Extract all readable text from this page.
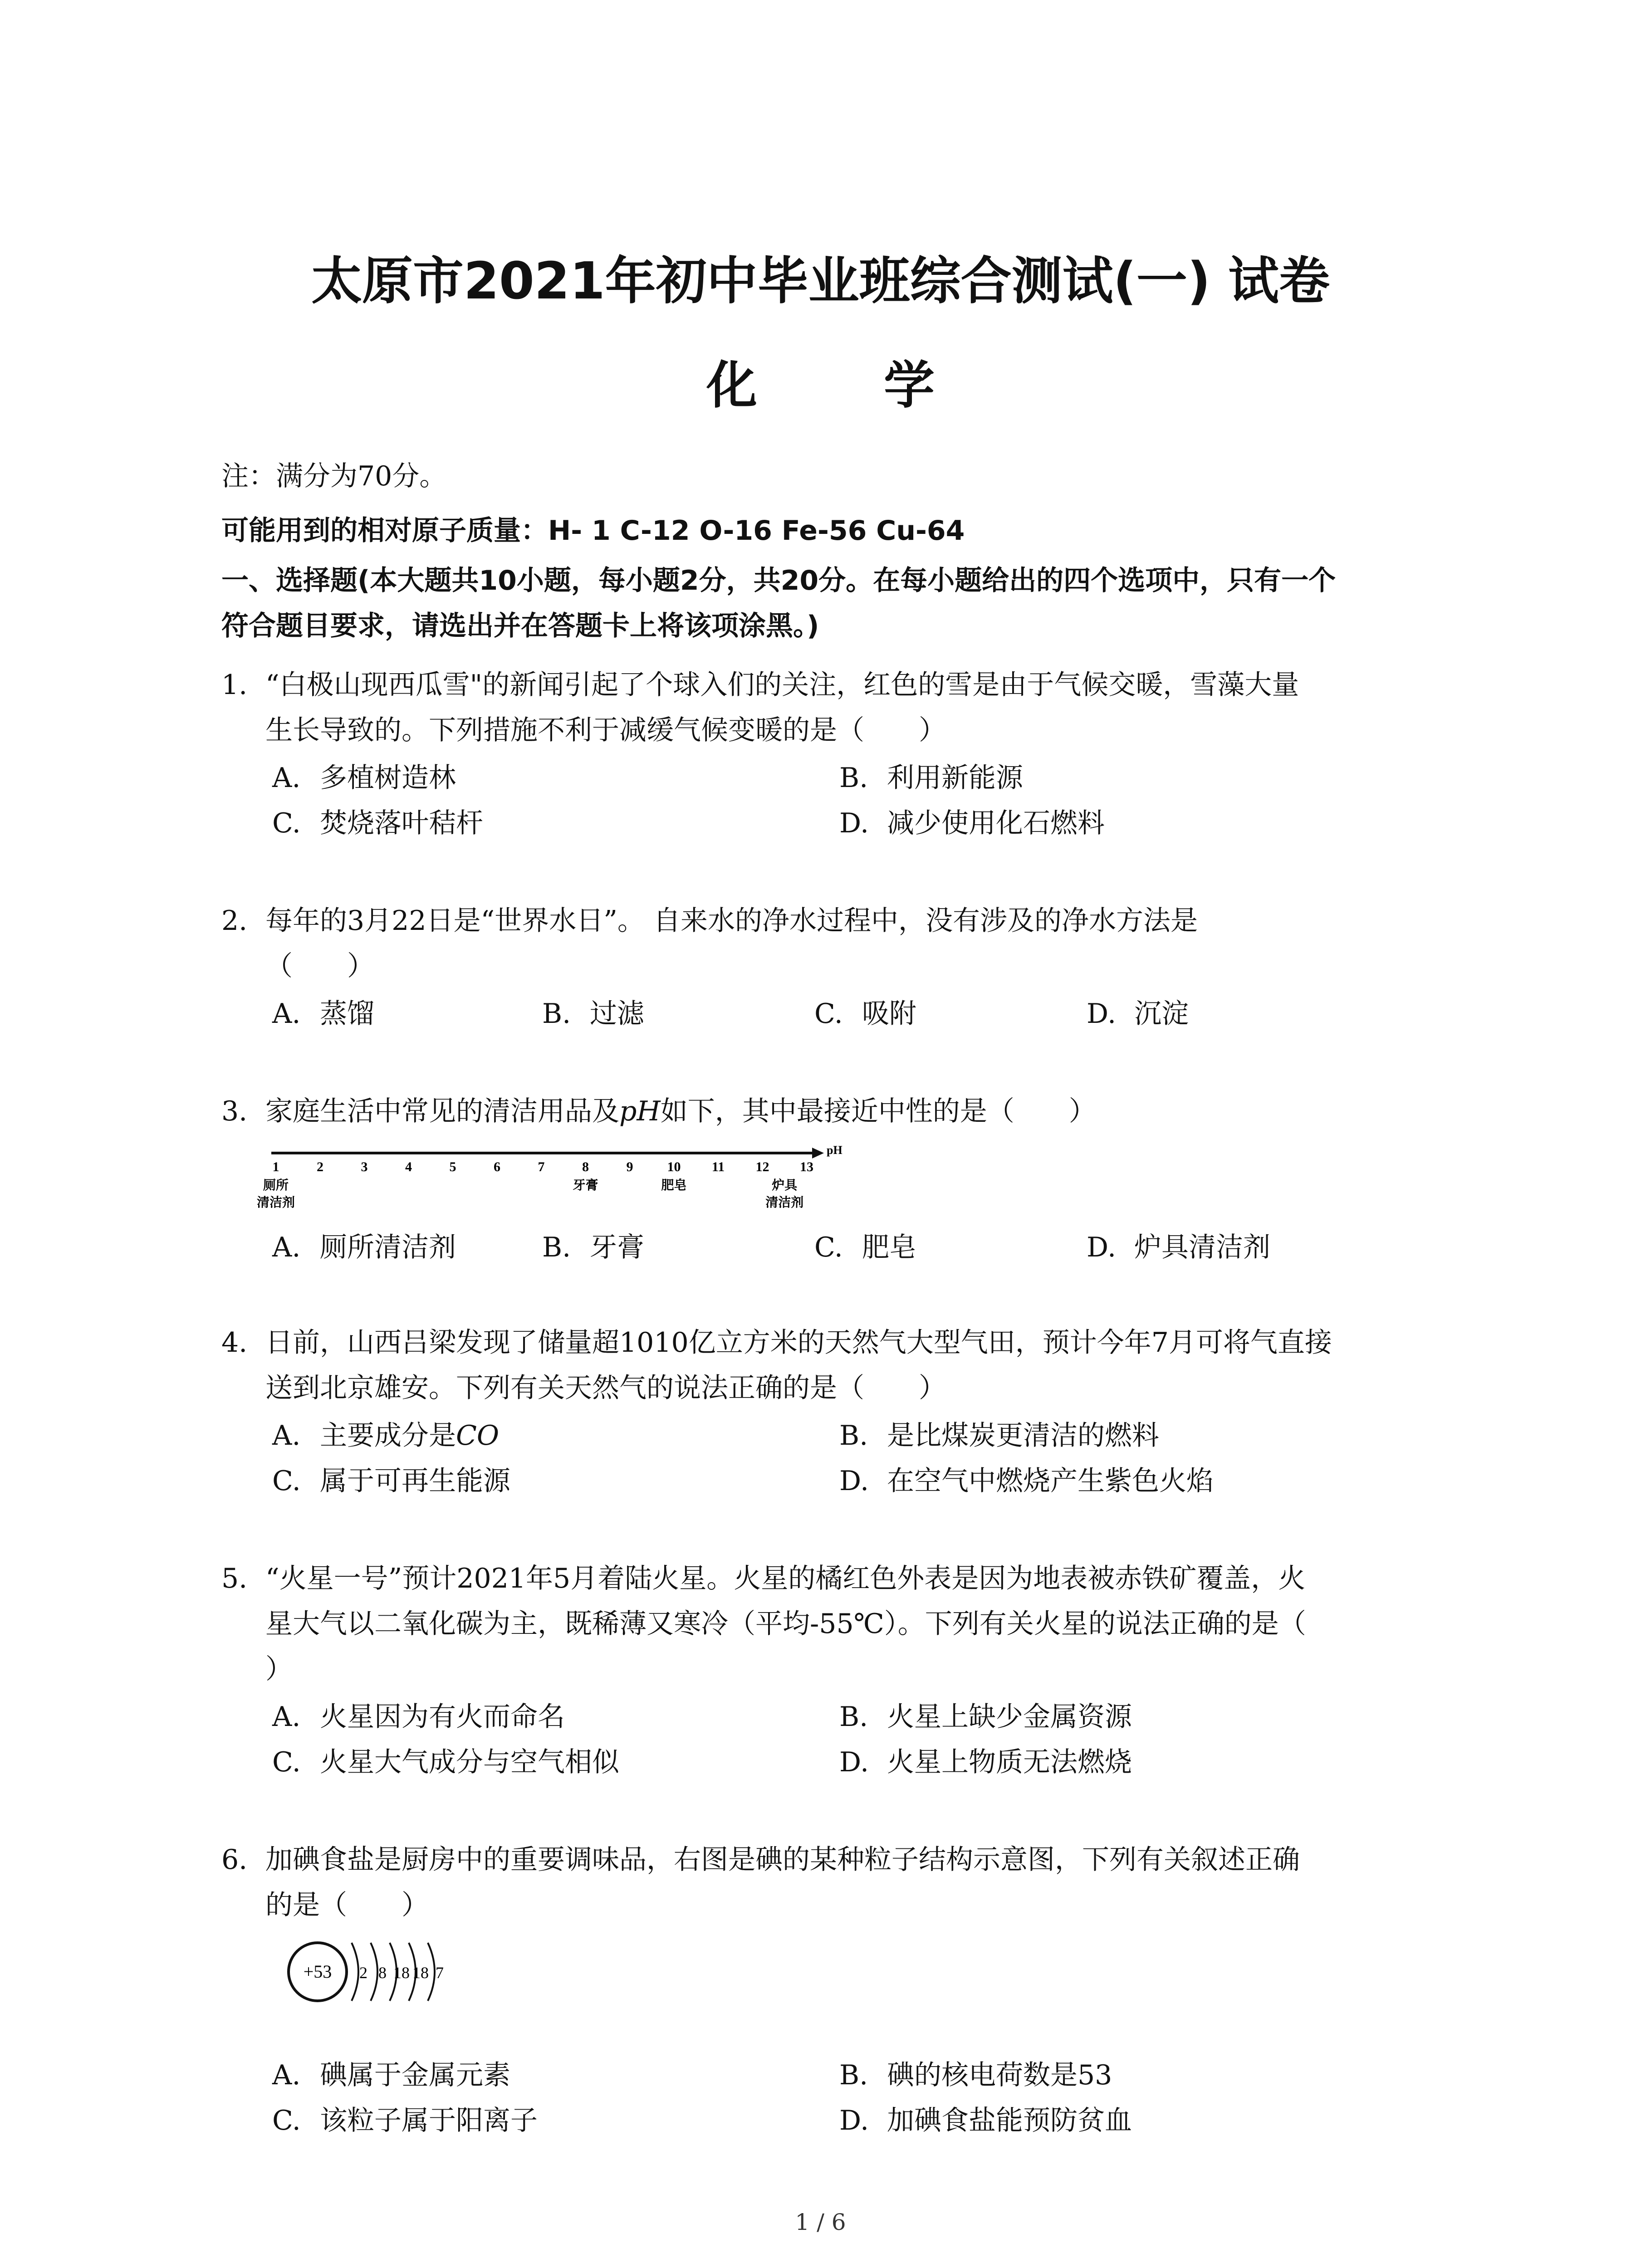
太原市2021年初中毕业班综合测试(一) 试卷
化 学
注：满分为70分。
可能用到的相对原子质量：H- 1 C-12 O-16 Fe-56 Cu-64
一、选择题(本大题共10小题，每小题2分，共20分。在每小题给出的四个选项中，只有一个
符合题目要求，请选出并在答题卡上将该项涂黑。)
1. “白极山现西瓜雪"的新闻引起了个球入们的关注，红色的雪是由于气候交暖，雪藻大量
生长导致的。下列措施不利于减缓气候变暖的是（　　）
A. 多植树造林	B. 利用新能源
C. 焚烧落叶秸杆	D. 减少使用化石燃料
2. 每年的3月22日是“世界水日”。 自来水的净水过程中，没有涉及的净水方法是
（　　）
A. 蒸馏	B. 过滤	C. 吸附	D. 沉淀
3. 家庭生活中常见的清洁用品及pH如下，其中最接近中性的是（　　）
pH
1	2	3	4	5	6	7	8	9	10 11 12 13
厕所
清洁剂
牙膏	肥皂	炉具
清洁剂
A. 厕所清洁剂	B. 牙膏	C. 肥皂	D. 炉具清洁剂
4. 日前，山西吕梁发现了储量超1010亿立方米的天然气大型气田，预计今年7月可将气直接
送到北京雄安。下列有关天然气的说法正确的是（　　）
A. 主要成分是CO	B. 是比煤炭更清洁的燃料
C. 属于可再生能源	D. 在空气中燃烧产生紫色火焰
5. “火星一号”预计2021年5月着陆火星。火星的橘红色外表是因为地表被赤铁矿覆盖，火
星大气以二氧化碳为主，既稀薄又寒冷（平均-55℃）。下列有关火星的说法正确的是（
）
A. 火星因为有火而命名	B. 火星上缺少金属资源
C. 火星大气成分与空气相似	D. 火星上物质无法燃烧
6. 加碘食盐是厨房中的重要调味品，右图是碘的某种粒子结构示意图，下列有关叙述正确
的是（　　）
+53 2 8 18 18 7
A. 碘属于金属元素	B. 碘的核电荷数是53
C. 该粒子属于阳离子	D. 加碘食盐能预防贫血
1 / 6
